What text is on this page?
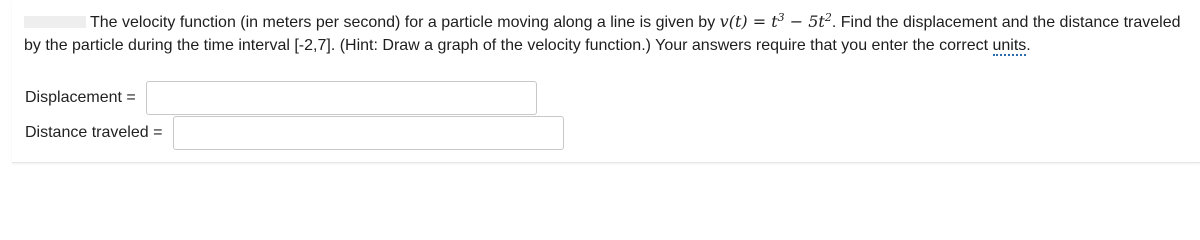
The velocity function (in meters per second) for a particle moving along a line is given by $v(t) = t^3 - 5t^2$. Find the displacement and the distance traveled by the particle during the time interval [-2,7]. (Hint: Draw a graph of the velocity function.) Your answers require that you enter the correct units.
Displacement =
Distance traveled =
